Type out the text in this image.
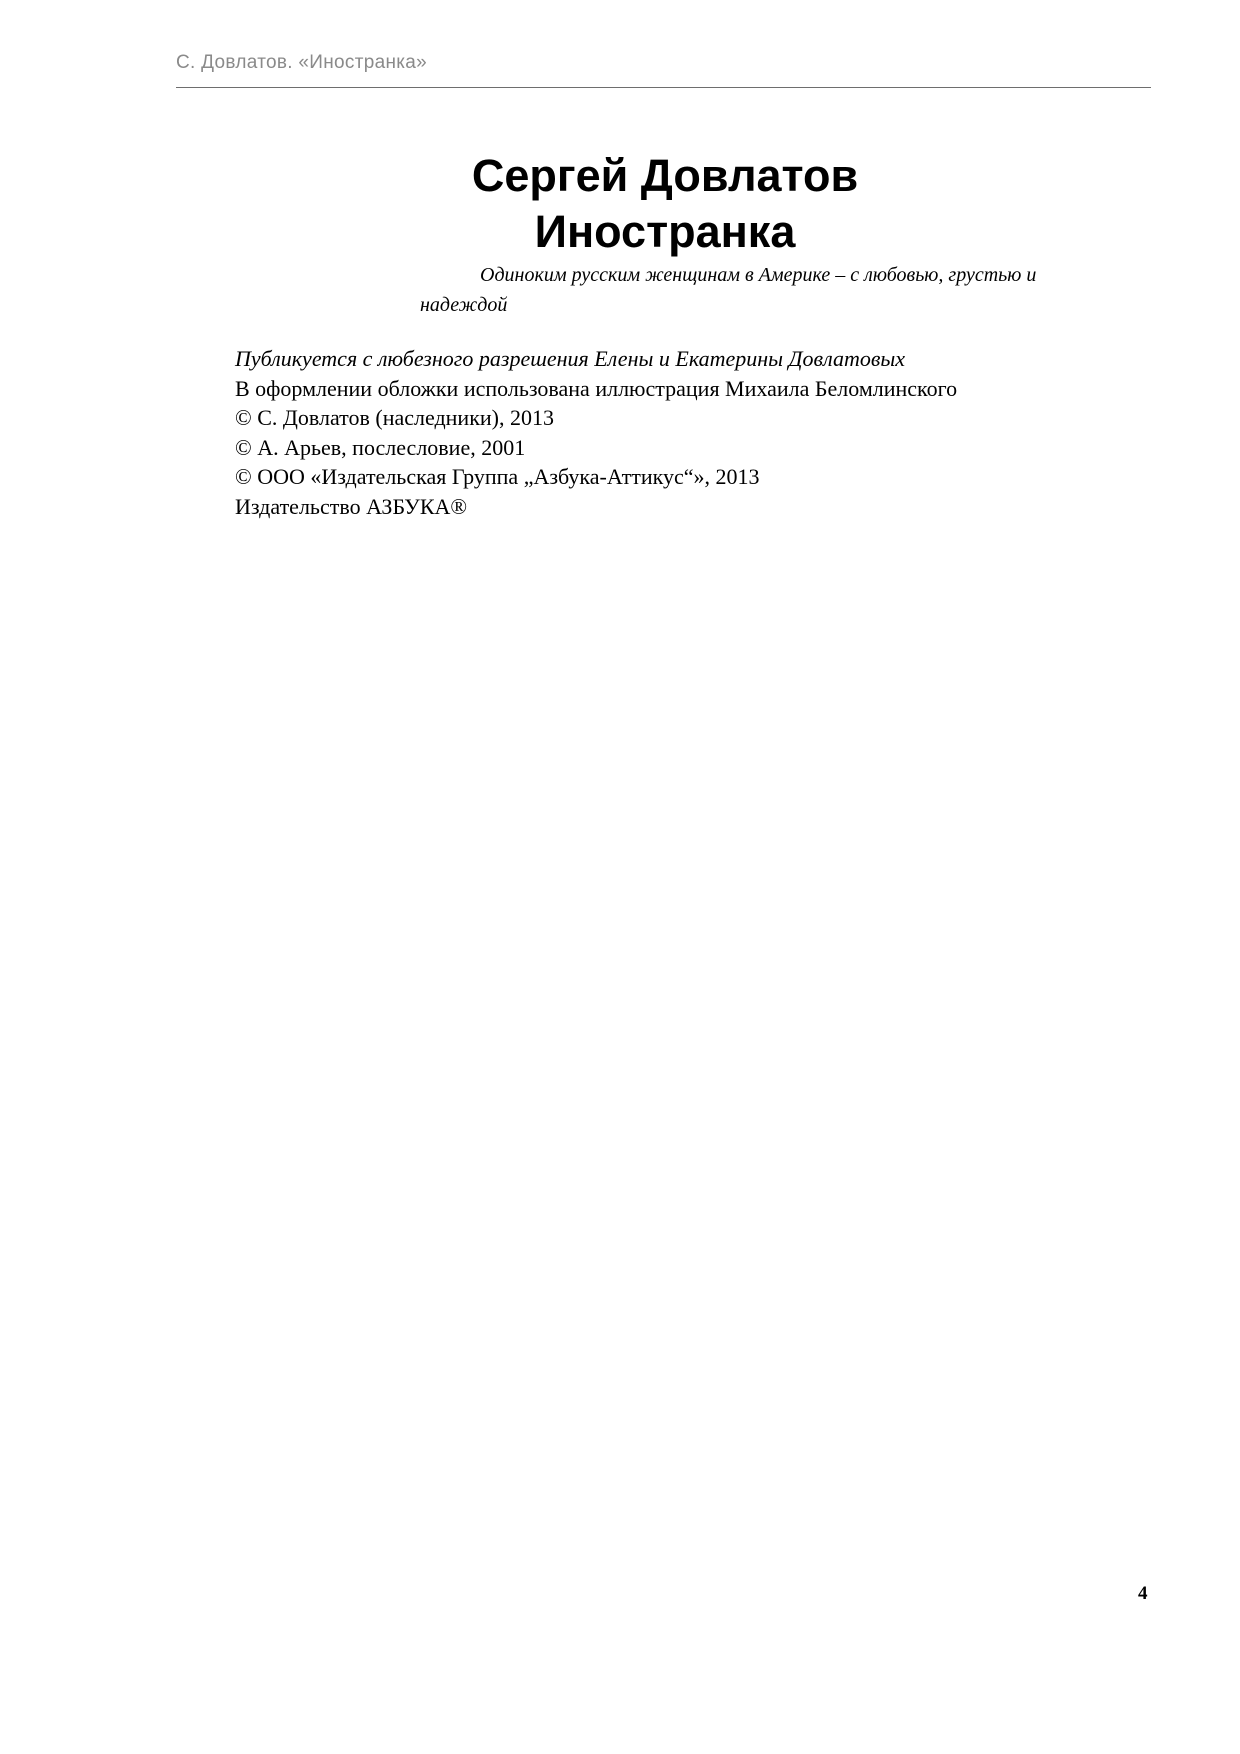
С. Довлатов. «Иностранка»
Сергей Довлатов
Иностранка
Одиноким русским женщинам в Америке – с любовью, грустью и надеждой
Публикуется с любезного разрешения Елены и Екатерины Довлатовых
В оформлении обложки использована иллюстрация Михаила Беломлинского
© С. Довлатов (наследники), 2013
© А. Арьев, послесловие, 2001
© ООО «Издательская Группа „Азбука-Аттикус“», 2013
Издательство АЗБУКА®
4
